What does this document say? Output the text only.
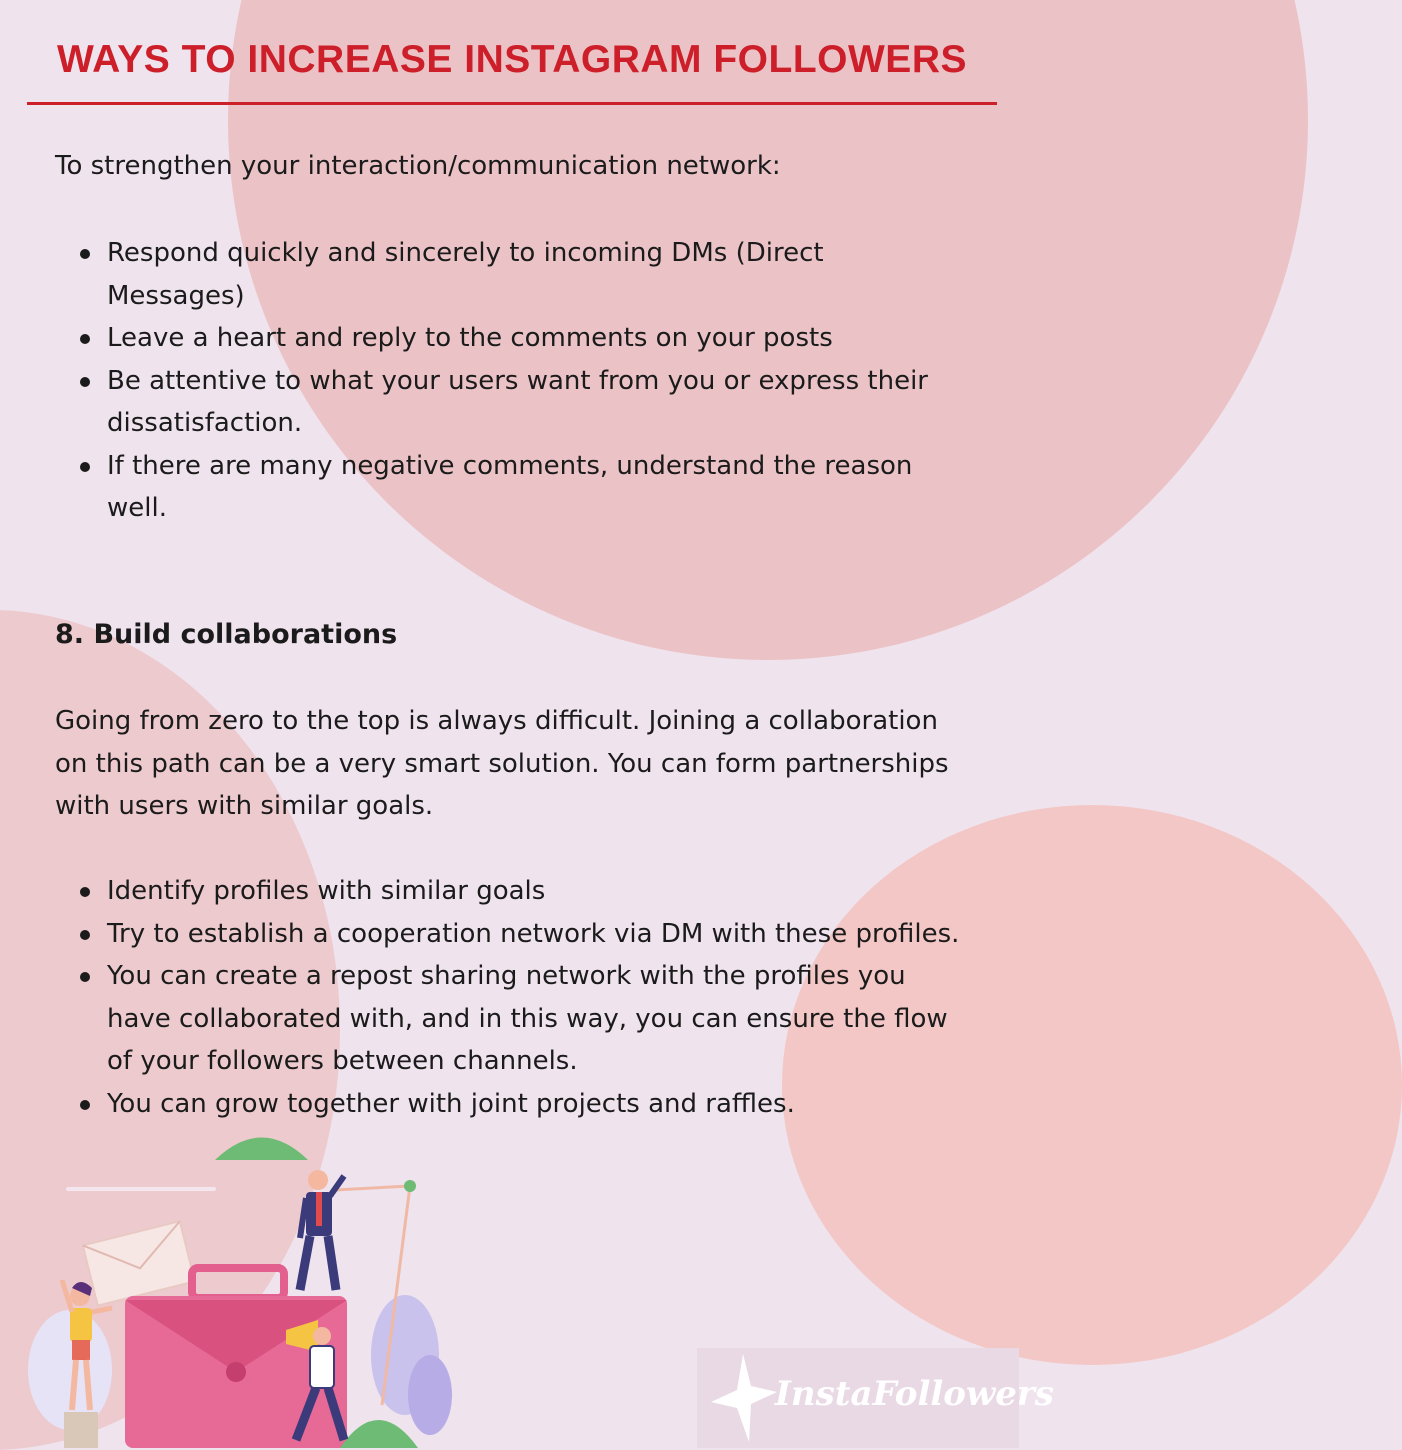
WAYS TO INCREASE INSTAGRAM FOLLOWERS

To strengthen your interaction/communication network:

Respond quickly and sincerely to incoming DMs (Direct Messages)
Leave a heart and reply to the comments on your posts
Be attentive to what your users want from you or express their dissatisfaction.
If there are many negative comments, understand the reason well.
8. Build collaborations

Going from zero to the top is always difficult. Joining a collaboration on this path can be a very smart solution. You can form partnerships with users with similar goals.

Identify profiles with similar goals
Try to establish a cooperation network via DM with these profiles.
You can create a repost sharing network with the profiles you have collaborated with, and in this way, you can ensure the flow of your followers between channels.
You can grow together with joint projects and raffles.
InstaFollowers
